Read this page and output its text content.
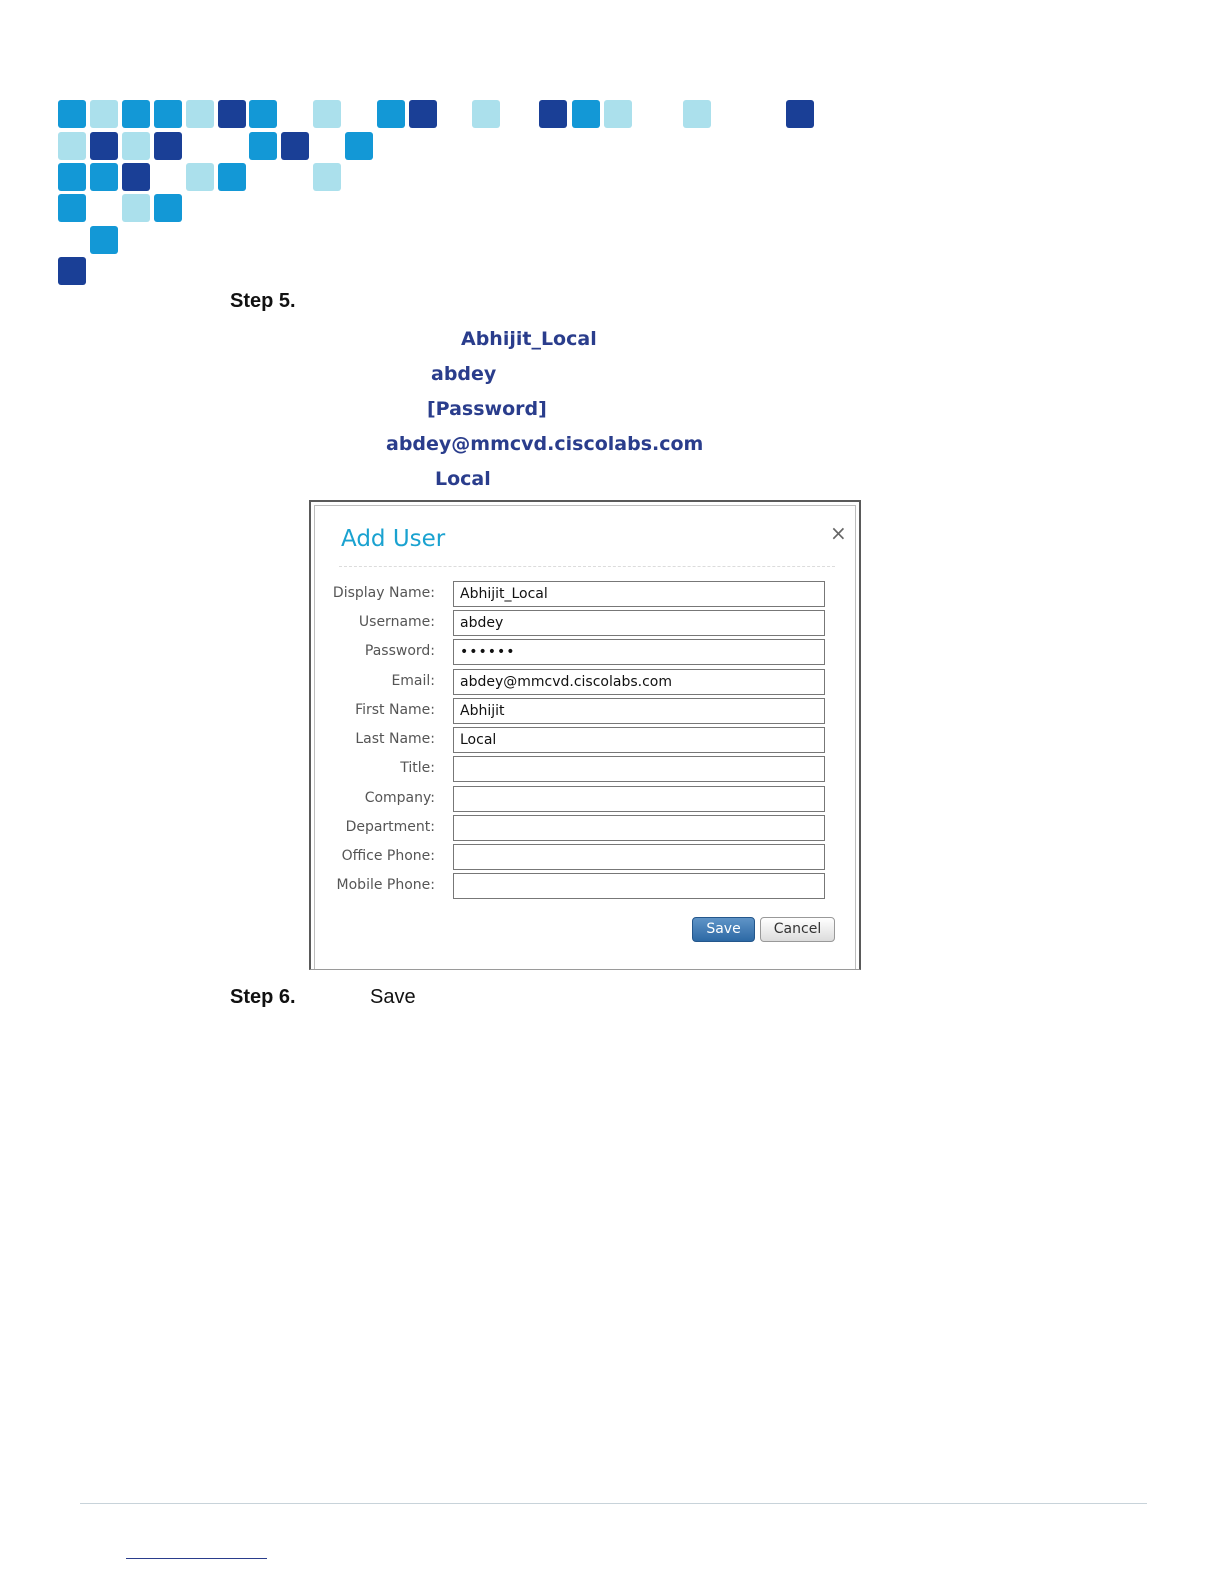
Step 5.
Abhijit_Local
abdey
[Password]
abdey@mmcvd.ciscolabs.com
Local
Add User	×
Display Name:	Abhijit_Local
Username:	abdey
Password:	••••••
Email:	abdey@mmcvd.ciscolabs.com
First Name:	Abhijit
Last Name:	Local
Title:
Company:
Department:
Office Phone:
Mobile Phone:
Save	Cancel
Step 6.	Save
